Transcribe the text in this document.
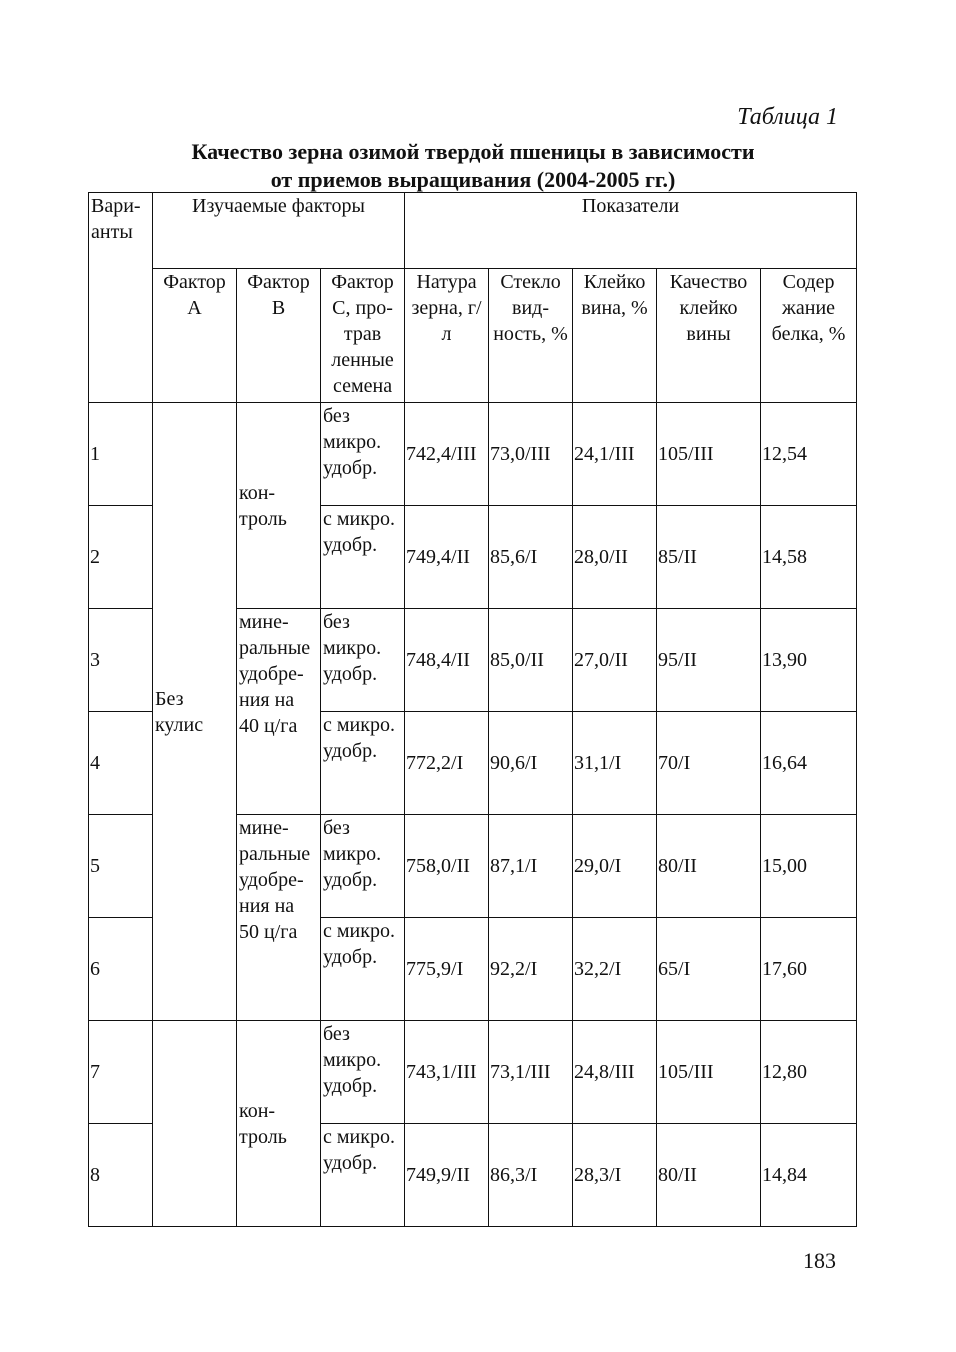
Таблица 1
Качество зерна озимой твердой пшеницы в зависимости
от приемов выращивания (2004-2005 гг.)
Вари-анты	Изучаемые факторы			Показатели				
	Фактор А	Фактор В	Фактор С, про-трав ленные семена	Натура зерна, г/л	Стекло вид-ность, %	Клейко вина, %	Качество клейко вины	Содер жание белка, %
1	Без кулис	кон-троль	без микро. удобр.	742,4/III	73,0/III	24,1/III	105/III	12,54
2			с микро. удобр.	749,4/II	85,6/I	28,0/II	85/II	14,58
3		мине-ральные удобре-ния на 40 ц/га	без микро. удобр.	748,4/II	85,0/II	27,0/II	95/II	13,90
4			с микро. удобр.	772,2/I	90,6/I	31,1/I	70/I	16,64
5		мине-ральные удобре-ния на 50 ц/га	без микро. удобр.	758,0/II	87,1/I	29,0/I	80/II	15,00
6			с микро. удобр.	775,9/I	92,2/I	32,2/I	65/I	17,60
7		кон-троль	без микро. удобр.	743,1/III	73,1/III	24,8/III	105/III	12,80
8			с микро. удобр.	749,9/II	86,3/I	28,3/I	80/II	14,84
183
